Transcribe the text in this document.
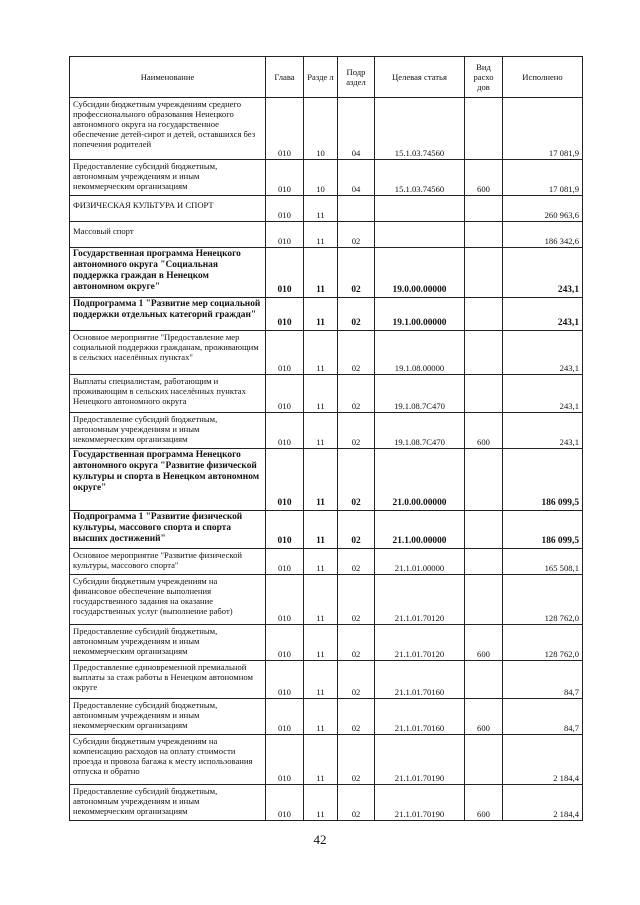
Наименование	Глава	Разде л	Подр аздел	Целевая статья	Вид расхо дов	Исполнено
Субсидии бюджетным учреждениям среднего профессионального образования Ненецкого автономного округа на государственное обеспечение детей-сирот и детей, оставшихся без попечения родителей	010	10	04	15.1.03.74560		17 081,9
Предоставление субсидий бюджетным, автономным учреждениям и иным некоммерческим организациям	010	10	04	15.1.03.74560	600	17 081,9
ФИЗИЧЕСКАЯ КУЛЬТУРА И СПОРТ	010	11				260 963,6
Массовый спорт	010	11	02			186 342,6
Государственная программа Ненецкого автономного округа "Социальная поддержка граждан в Ненецком автономном округе"	010	11	02	19.0.00.00000		243,1
Подпрограмма 1 "Развитие мер социальной поддержки отдельных категорий граждан"	010	11	02	19.1.00.00000		243,1
Основное мероприятие "Предоставление мер социальной поддержки гражданам, проживающим в сельских населённых пунктах"	010	11	02	19.1.08.00000		243,1
Выплаты специалистам, работающим и проживающим в сельских населённых пунктах Ненецкого автономного округа	010	11	02	19.1.08.7С470		243,1
Предоставление субсидий бюджетным, автономным учреждениям и иным некоммерческим организациям	010	11	02	19.1.08.7С470	600	243,1
Государственная программа Ненецкого автономного округа "Развитие физической культуры и спорта в Ненецком автономном округе"	010	11	02	21.0.00.00000		186 099,5
Подпрограмма 1 "Развитие физической культуры, массового спорта и спорта высших достижений"	010	11	02	21.1.00.00000		186 099,5
Основное мероприятие "Развитие физической культуры, массового спорта"	010	11	02	21.1.01.00000		165 508,1
Субсидии бюджетным учреждениям на финансовое обеспечение выполнения государственного задания на оказание государственных услуг (выполнение работ)	010	11	02	21.1.01.70120		128 762,0
Предоставление субсидий бюджетным, автономным учреждениям и иным некоммерческим организациям	010	11	02	21.1.01.70120	600	128 762,0
Предоставление единовременной премиальной выплаты за стаж работы в Ненецком автономном округе	010	11	02	21.1.01.70160		84,7
Предоставление субсидий бюджетным, автономным учреждениям и иным некоммерческим организациям	010	11	02	21.1.01.70160	600	84,7
Субсидии бюджетным учреждениям на компенсацию расходов на оплату стоимости проезда и провоза багажа к месту использования отпуска и обратно	010	11	02	21.1.01.70190		2 184,4
Предоставление субсидий бюджетным, автономным учреждениям и иным некоммерческим организациям	010	11	02	21.1.01.70190	600	2 184,4
42
